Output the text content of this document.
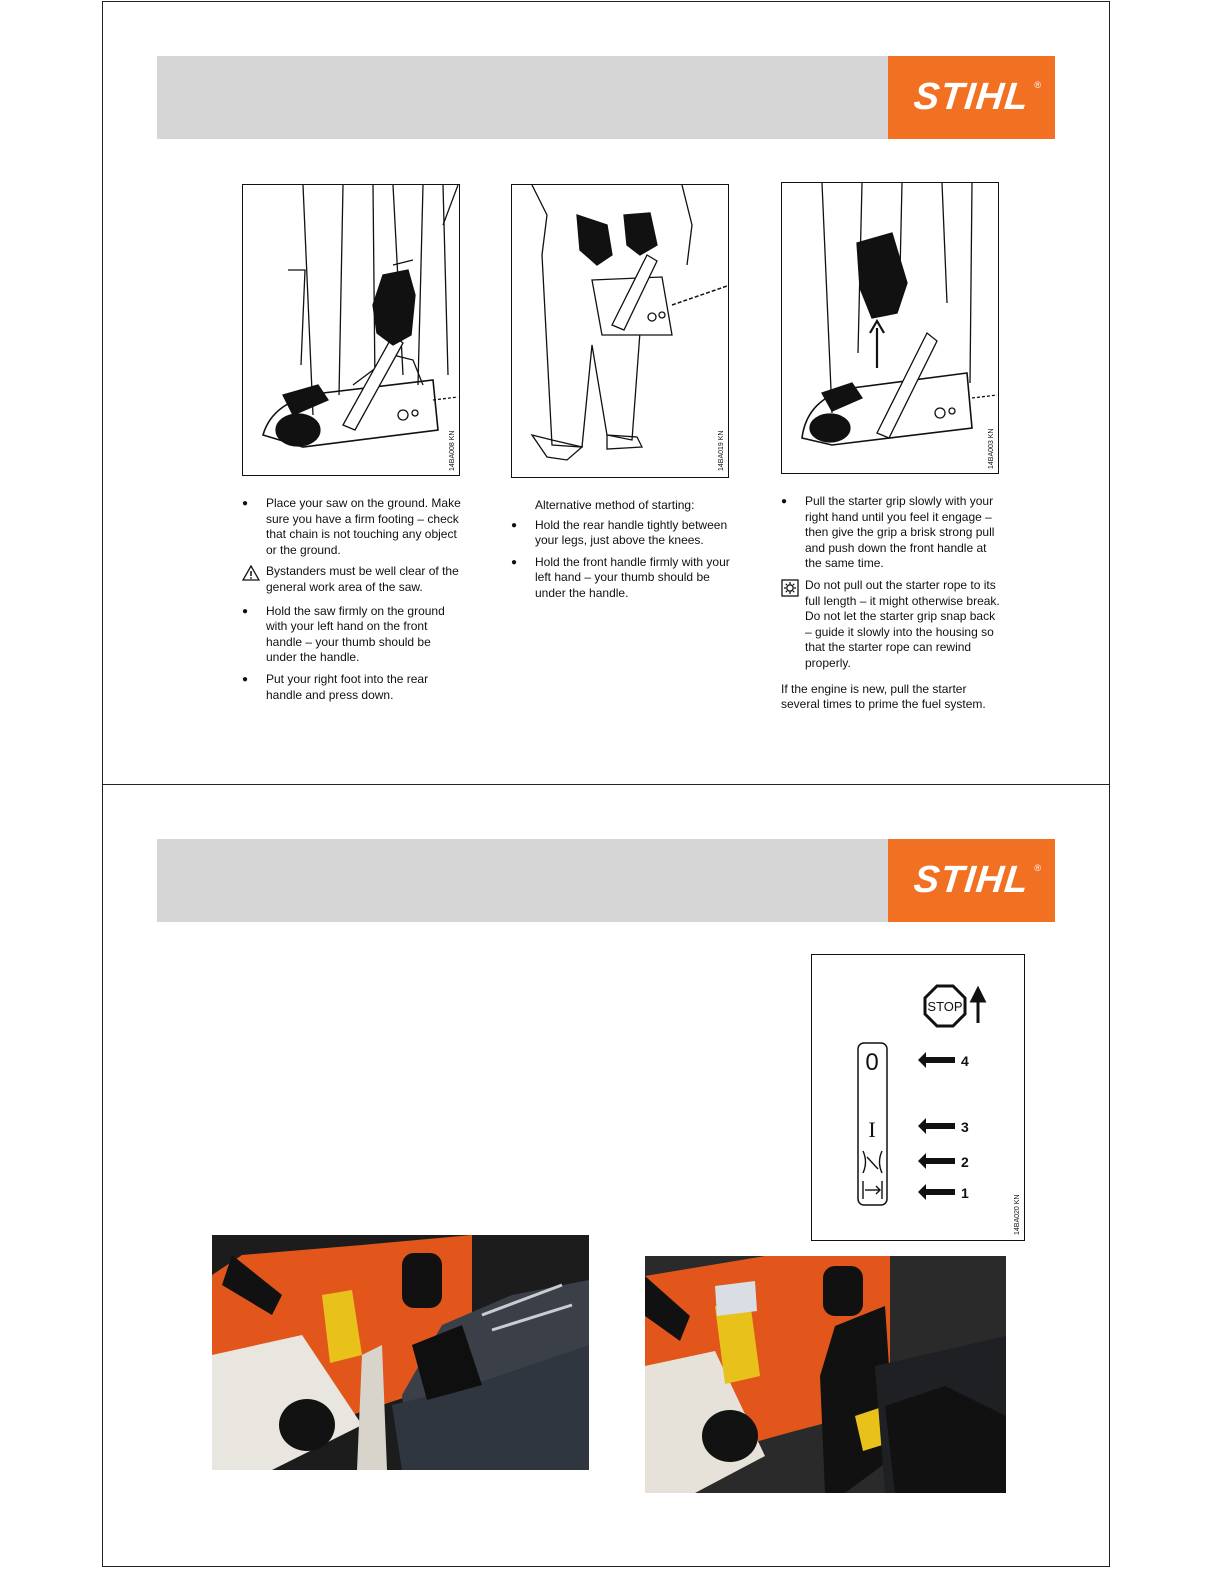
STIHL ®
14BA008 KN	14BA019 KN	14BA003 KN
● Place your saw on the ground. Make sure you have a firm footing – check that chain is not touching any object or the ground.
Bystanders must be well clear of the general work area of the saw.
● Hold the saw firmly on the ground with your left hand on the front handle – your thumb should be under the handle.
● Put your right foot into the rear handle and press down.
Alternative method of starting:
● Hold the rear handle tightly between your legs, just above the knees.
● Hold the front handle firmly with your left hand – your thumb should be under the handle.
● Pull the starter grip slowly with your right hand until you feel it engage – then give the grip a brisk strong pull and push down the front handle at the same time.
Do not pull out the starter rope to its full length – it might otherwise break.
Do not let the starter grip snap back – guide it slowly into the housing so that the starter rope can rewind properly.
If the engine is new, pull the starter several times to prime the fuel system.
STIHL ®
STOP
0
I
4
3
2
1
14BA020 KN
